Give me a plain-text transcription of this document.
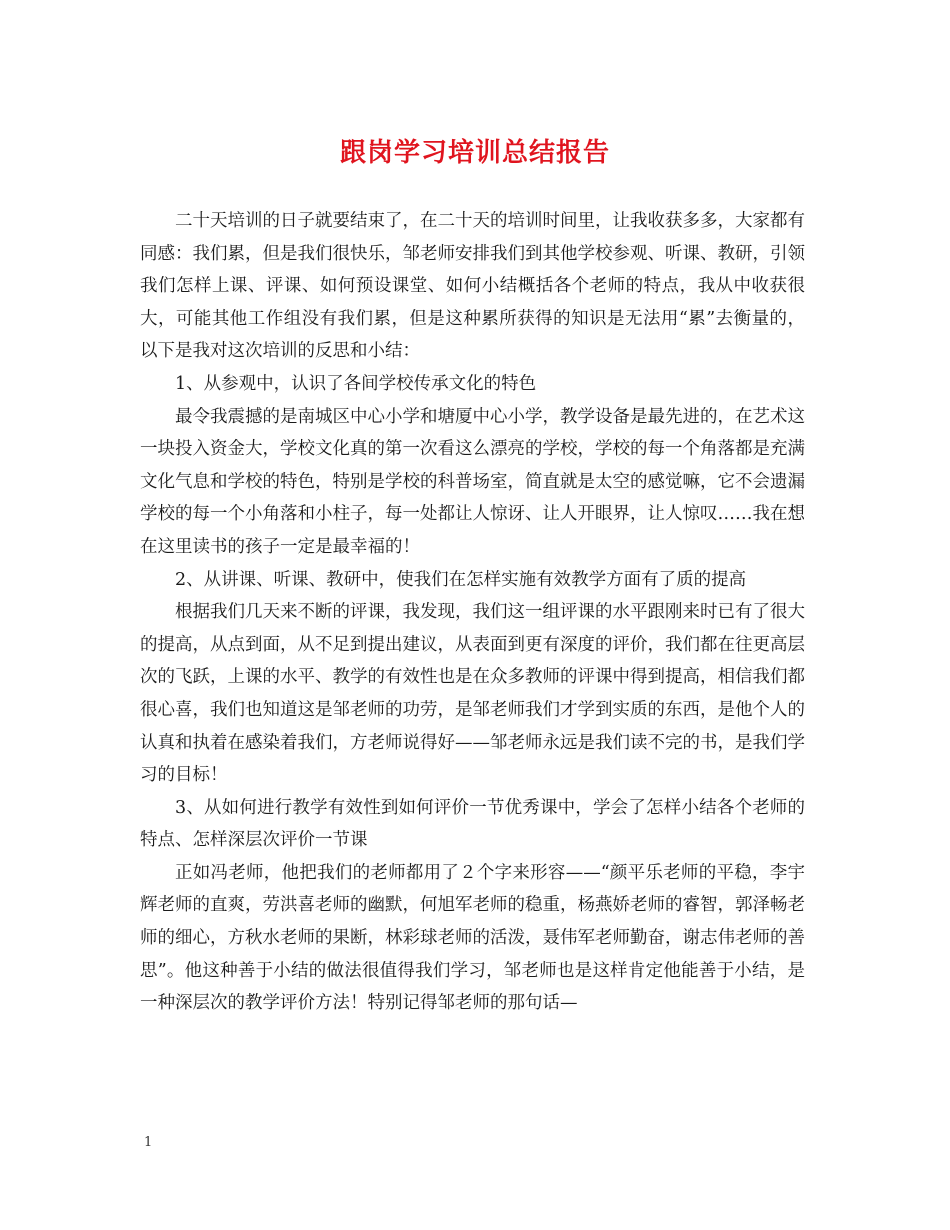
跟岗学习培训总结报告

二十天培训的日子就要结束了，在二十天的培训时间里，让我收获多多，大家都有同感：我们累，但是我们很快乐，邹老师安排我们到其他学校参观、听课、教研，引领我们怎样上课、评课、如何预设课堂、如何小结概括各个老师的特点，我从中收获很大，可能其他工作组没有我们累，但是这种累所获得的知识是无法用“累”去衡量的，以下是我对这次培训的反思和小结：

1、从参观中，认识了各间学校传承文化的特色

最令我震撼的是南城区中心小学和塘厦中心小学，教学设备是最先进的，在艺术这一块投入资金大，学校文化真的第一次看这么漂亮的学校，学校的每一个角落都是充满文化气息和学校的特色，特别是学校的科普场室，简直就是太空的感觉嘛，它不会遗漏学校的每一个小角落和小柱子，每一处都让人惊讶、让人开眼界，让人惊叹……我在想在这里读书的孩子一定是最幸福的！

2、从讲课、听课、教研中，使我们在怎样实施有效教学方面有了质的提高

根据我们几天来不断的评课，我发现，我们这一组评课的水平跟刚来时已有了很大的提高，从点到面，从不足到提出建议，从表面到更有深度的评价，我们都在往更高层次的飞跃，上课的水平、教学的有效性也是在众多教师的评课中得到提高，相信我们都很心喜，我们也知道这是邹老师的功劳，是邹老师我们才学到实质的东西，是他个人的认真和执着在感染着我们，方老师说得好——邹老师永远是我们读不完的书，是我们学习的目标！

3、从如何进行教学有效性到如何评价一节优秀课中，学会了怎样小结各个老师的特点、怎样深层次评价一节课

正如冯老师，他把我们的老师都用了２个字来形容——“颜平乐老师的平稳，李宇辉老师的直爽，劳洪喜老师的幽默，何旭军老师的稳重，杨燕娇老师的睿智，郭泽畅老师的细心，方秋水老师的果断，林彩球老师的活泼，聂伟军老师勤奋，谢志伟老师的善思”。他这种善于小结的做法很值得我们学习，邹老师也是这样肯定他能善于小结，是一种深层次的教学评价方法！特别记得邹老师的那句话—

1
